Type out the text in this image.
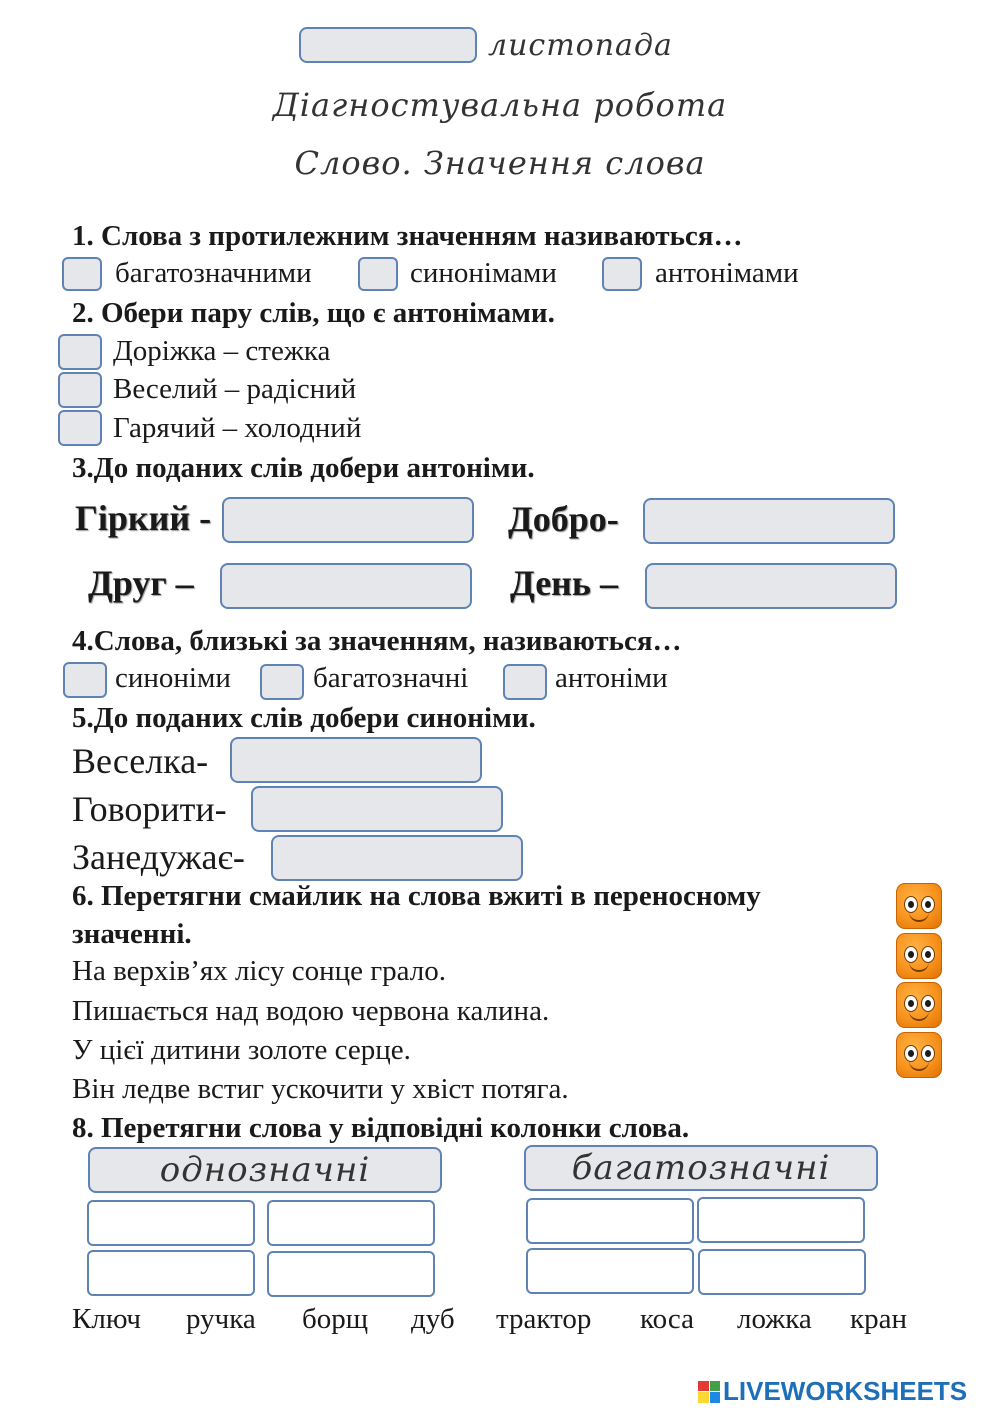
листопада
Діагностувальна робота
Слово. Значення слова
1. Слова з протилежним значенням називаються…
багатозначними	синонімами	антонімами
2. Обери пару слів, що є антонімами.
Доріжка – стежка
Веселий – радісний
Гарячий – холодний
3.До поданих слів добери антоніми.
Гіркий -	Добро-
Друг –	День –
4.Слова, близькі за значенням, називаються…
синоніми	багатозначні	антоніми
5.До поданих слів добери синоніми.
Веселка-
Говорити-
Занедужає-
6. Перетягни смайлик на слова вжиті в переносному
значенні.
На верхів’ях лісу сонце грало.
Пишається над водою червона калина.
У цієї дитини золоте серце.
Він ледве встиг ускочити у хвіст потяга.
8. Перетягни слова у відповідні колонки слова.
однозначні	багатозначні
Ключ ручка борщ дуб трактор коса ложка кран
LIVEWORKSHEETS
